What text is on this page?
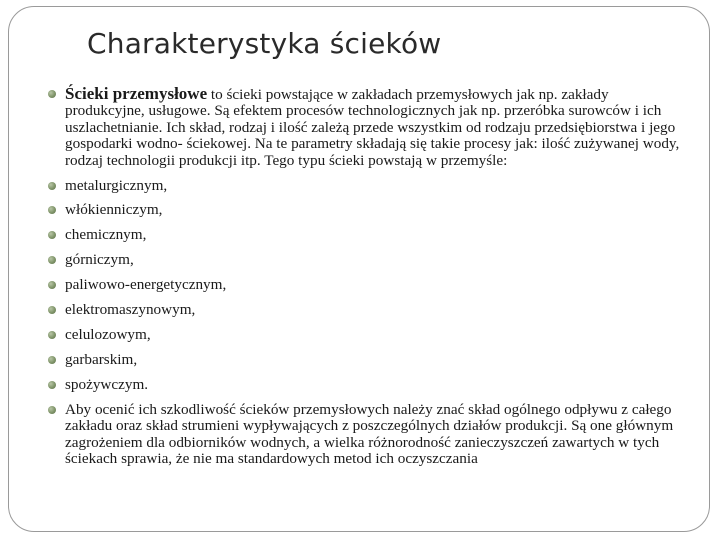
Charakterystyka ścieków
Ścieki przemysłowe to ścieki powstające w zakładach przemysłowych jak np. zakłady produkcyjne, usługowe. Są efektem procesów technologicznych jak np. przeróbka surowców i ich uszlachetnianie. Ich skład, rodzaj i ilość zależą przede wszystkim od rodzaju przedsiębiorstwa i jego gospodarki wodno- ściekowej. Na te parametry składają się takie procesy jak: ilość zużywanej wody, rodzaj technologii produkcji itp. Tego typu ścieki powstają w przemyśle:
metalurgicznym,
włókienniczym,
chemicznym,
górniczym,
paliwowo-energetycznym,
elektromaszynowym,
celulozowym,
garbarskim,
spożywczym.
Aby ocenić ich szkodliwość ścieków przemysłowych należy znać skład ogólnego odpływu z całego zakładu oraz skład strumieni wypływających z poszczególnych działów produkcji. Są one głównym zagrożeniem dla odbiorników wodnych, a wielka różnorodność zanieczyszczeń zawartych w tych ściekach sprawia, że nie ma standardowych metod ich oczyszczania
